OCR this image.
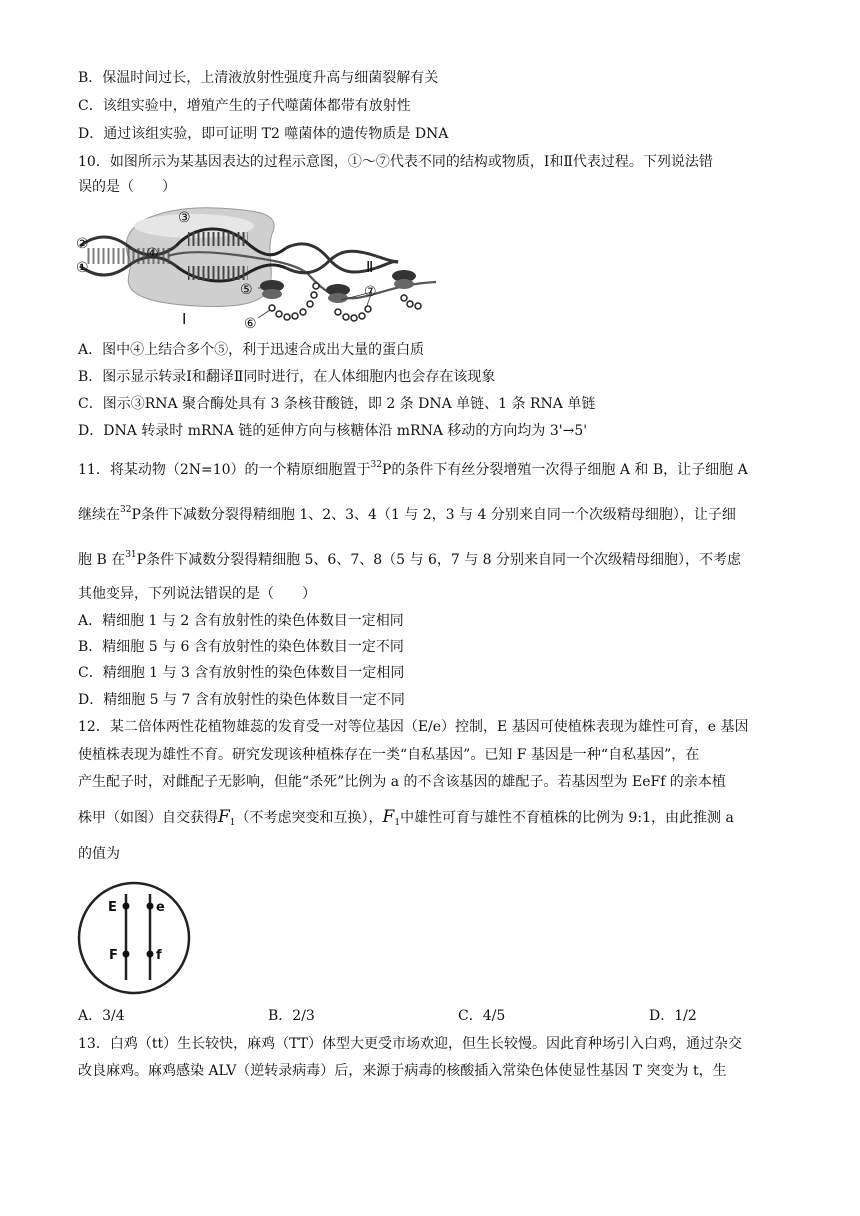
B．保温时间过长，上清液放射性强度升高与细菌裂解有关
C．该组实验中，增殖产生的子代噬菌体都带有放射性
D．通过该组实验，即可证明 T2 噬菌体的遗传物质是 DNA
10．如图所示为某基因表达的过程示意图，①～⑦代表不同的结构或物质，Ⅰ和Ⅱ代表过程。下列说法错
误的是（　　）
②
①
③
④
⑤
⑥
⑦
Ⅰ
Ⅱ
A．图中④上结合多个⑤，利于迅速合成出大量的蛋白质
B．图示显示转录Ⅰ和翻译Ⅱ同时进行，在人体细胞内也会存在该现象
C．图示③RNA 聚合酶处具有 3 条核苷酸链，即 2 条 DNA 单链、1 条 RNA 单链
D．DNA 转录时 mRNA 链的延伸方向与核糖体沿 mRNA 移动的方向均为 3'→5'
11．将某动物（2N=10）的一个精原细胞置于$^{32}$P的条件下有丝分裂增殖一次得子细胞 A 和 B，让子细胞 A
继续在$^{32}$P条件下减数分裂得精细胞 1、2、3、4（1 与 2，3 与 4 分别来自同一个次级精母细胞），让子细
胞 B 在$^{31}$P条件下减数分裂得精细胞 5、6、7、8（5 与 6，7 与 8 分别来自同一个次级精母细胞），不考虑
其他变异，下列说法错误的是（　　）
A．精细胞 1 与 2 含有放射性的染色体数目一定相同
B．精细胞 5 与 6 含有放射性的染色体数目一定不同
C．精细胞 1 与 3 含有放射性的染色体数目一定相同
D．精细胞 5 与 7 含有放射性的染色体数目一定不同
12．某二倍体两性花植物雄蕊的发育受一对等位基因（E/e）控制，E 基因可使植株表现为雄性可育，e 基因
使植株表现为雄性不育。研究发现该种植株存在一类“自私基因”。已知 F 基因是一种“自私基因”，在
产生配子时，对雌配子无影响，但能“杀死”比例为 a 的不含该基因的雄配子。若基因型为 EeFf 的亲本植
株甲（如图）自交获得$F_1$（不考虑突变和互换），$F_1$中雄性可育与雄性不育植株的比例为 9:1，由此推测 a
的值为
E	e
F	f
A．3/4	B．2/3	C．4/5	D．1/2
13．白鸡（tt）生长较快，麻鸡（TT）体型大更受市场欢迎，但生长较慢。因此育种场引入白鸡，通过杂交
改良麻鸡。麻鸡感染 ALV（逆转录病毒）后，来源于病毒的核酸插入常染色体使显性基因 T 突变为 t，生
